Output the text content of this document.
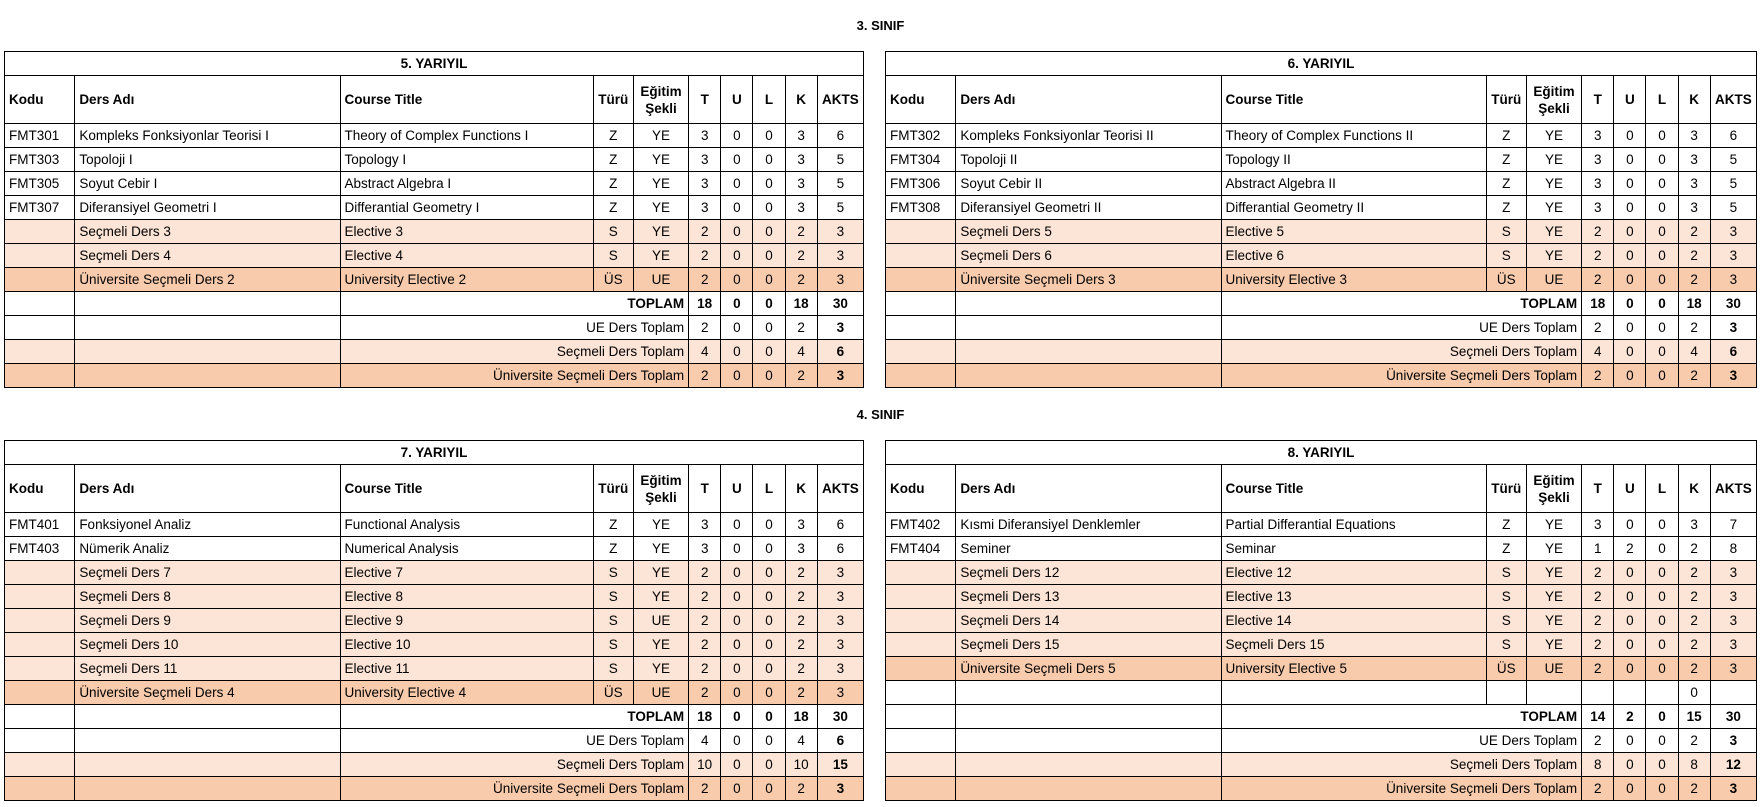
3. SINIF
4. SINIF
5. YARIYIL									
Kodu	Ders Adı	Course Title	Türü	Eğitim
Şekli	T	U	L	K	AKTS
FMT301	Kompleks Fonksiyonlar Teorisi I	Theory of Complex Functions I	Z	YE	3	0	0	3	6
FMT303	Topoloji I	Topology I	Z	YE	3	0	0	3	5
FMT305	Soyut Cebir I	Abstract Algebra I	Z	YE	3	0	0	3	5
FMT307	Diferansiyel Geometri I	Differantial Geometry I	Z	YE	3	0	0	3	5
	Seçmeli Ders 3	Elective 3	S	YE	2	0	0	2	3
	Seçmeli Ders 4	Elective 4	S	YE	2	0	0	2	3
	Üniversite Seçmeli Ders 2	University Elective 2	ÜS	UE	2	0	0	2	3
		TOPLAM			18	0	0	18	30
		UE Ders Toplam			2	0	0	2	3
		Seçmeli Ders Toplam			4	0	0	4	6
		Üniversite Seçmeli Ders Toplam			2	0	0	2	3
6. YARIYIL									
Kodu	Ders Adı	Course Title	Türü	Eğitim
Şekli	T	U	L	K	AKTS
FMT302	Kompleks Fonksiyonlar Teorisi II	Theory of Complex Functions II	Z	YE	3	0	0	3	6
FMT304	Topoloji II	Topology II	Z	YE	3	0	0	3	5
FMT306	Soyut Cebir II	Abstract Algebra II	Z	YE	3	0	0	3	5
FMT308	Diferansiyel Geometri II	Differantial Geometry II	Z	YE	3	0	0	3	5
	Seçmeli Ders 5	Elective 5	S	YE	2	0	0	2	3
	Seçmeli Ders 6	Elective 6	S	YE	2	0	0	2	3
	Üniversite Seçmeli Ders 3	University Elective 3	ÜS	UE	2	0	0	2	3
		TOPLAM			18	0	0	18	30
		UE Ders Toplam			2	0	0	2	3
		Seçmeli Ders Toplam			4	0	0	4	6
		Üniversite Seçmeli Ders Toplam			2	0	0	2	3
7. YARIYIL									
Kodu	Ders Adı	Course Title	Türü	Eğitim
Şekli	T	U	L	K	AKTS
FMT401	Fonksiyonel Analiz	Functional Analysis	Z	YE	3	0	0	3	6
FMT403	Nümerik Analiz	Numerical Analysis	Z	YE	3	0	0	3	6
	Seçmeli Ders 7	Elective 7	S	YE	2	0	0	2	3
	Seçmeli Ders 8	Elective 8	S	YE	2	0	0	2	3
	Seçmeli Ders 9	Elective 9	S	UE	2	0	0	2	3
	Seçmeli Ders 10	Elective 10	S	YE	2	0	0	2	3
	Seçmeli Ders 11	Elective 11	S	YE	2	0	0	2	3
	Üniversite Seçmeli Ders 4	University Elective 4	ÜS	UE	2	0	0	2	3
		TOPLAM			18	0	0	18	30
		UE Ders Toplam			4	0	0	4	6
		Seçmeli Ders Toplam			10	0	0	10	15
		Üniversite Seçmeli Ders Toplam			2	0	0	2	3
8. YARIYIL									
Kodu	Ders Adı	Course Title	Türü	Eğitim
Şekli	T	U	L	K	AKTS
FMT402	Kısmi Diferansiyel Denklemler	Partial Differantial Equations	Z	YE	3	0	0	3	7
FMT404	Seminer	Seminar	Z	YE	1	2	0	2	8
	Seçmeli Ders 12	Elective 12	S	YE	2	0	0	2	3
	Seçmeli Ders 13	Elective 13	S	YE	2	0	0	2	3
	Seçmeli Ders 14	Elective 14	S	YE	2	0	0	2	3
	Seçmeli Ders 15	Seçmeli Ders 15	S	YE	2	0	0	2	3
	Üniversite Seçmeli Ders 5	University Elective 5	ÜS	UE	2	0	0	2	3
								0	
		TOPLAM			14	2	0	15	30
		UE Ders Toplam			2	0	0	2	3
		Seçmeli Ders Toplam			8	0	0	8	12
		Üniversite Seçmeli Ders Toplam			2	0	0	2	3
